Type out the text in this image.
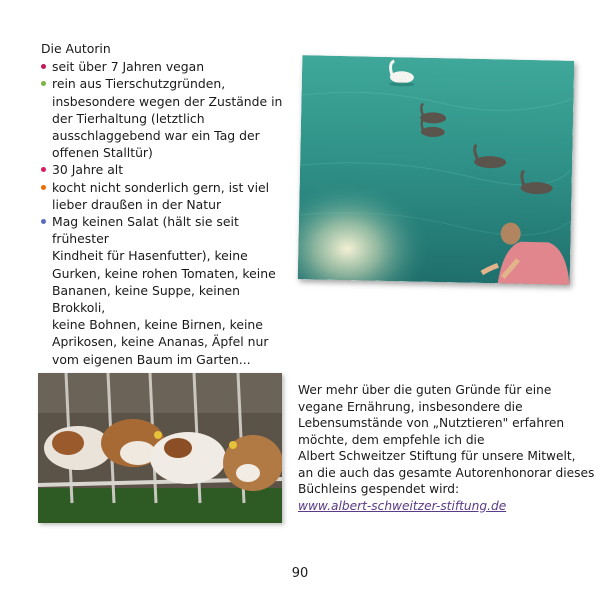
Die Autorin
seit über 7 Jahren vegan
rein aus Tierschutzgründen,
insbesondere wegen der Zustände in
der Tierhaltung (letztlich
ausschlaggebend war ein Tag der
offenen Stalltür)
30 Jahre alt
kocht nicht sonderlich gern, ist viel
lieber draußen in der Natur
Mag keinen Salat (hält sie seit frühester
Kindheit für Hasenfutter), keine
Gurken, keine rohen Tomaten, keine
Bananen, keine Suppe, keinen Brokkoli,
keine Bohnen, keine Birnen, keine
Aprikosen, keine Ananas, Äpfel nur
vom eigenen Baum im Garten...
Wer mehr über die guten Gründe für eine
vegane Ernährung, insbesondere die
Lebensumstände von „Nutztieren" erfahren
möchte, dem empfehle ich die
Albert Schweitzer Stiftung für unsere Mitwelt,
an die auch das gesamte Autorenhonorar dieses
Büchleins gespendet wird:
www.albert-schweitzer-stiftung.de
90
